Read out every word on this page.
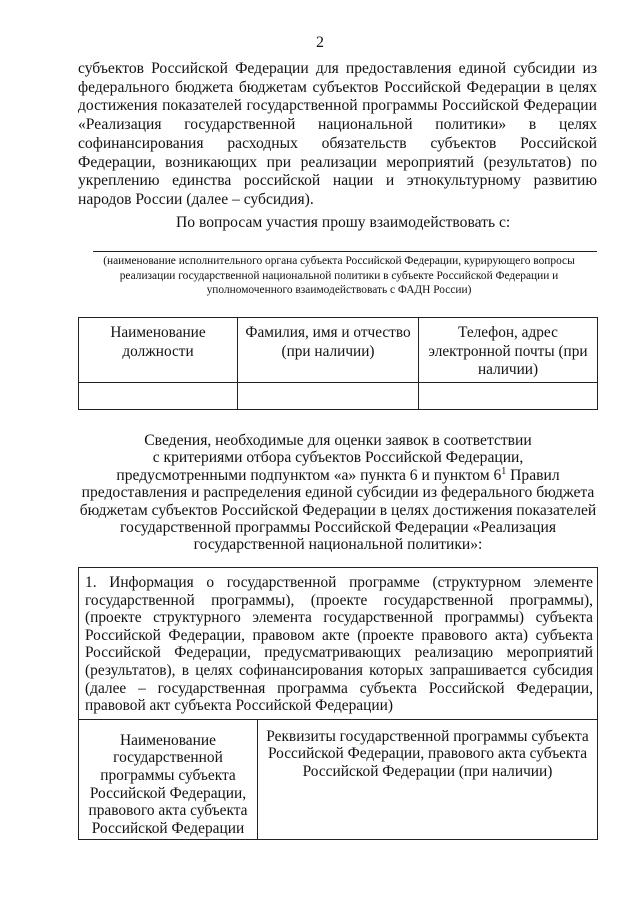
2
субъектов Российской Федерации для предоставления единой субсидии из федерального бюджета бюджетам субъектов Российской Федерации в целях достижения показателей государственной программы Российской Федерации «Реализация государственной национальной политики» в целях софинансирования расходных обязательств субъектов Российской Федерации, возникающих при реализации мероприятий (результатов) по укреплению единства российской нации и этнокультурному развитию народов России (далее – субсидия).
По вопросам участия прошу взаимодействовать с:
(наименование исполнительного органа субъекта Российской Федерации, курирующего вопросы реализации государственной национальной политики в субъекте Российской Федерации и уполномоченного взаимодействовать с ФАДН России)
Наименование должности	Фамилия, имя и отчество (при наличии)	Телефон, адрес электронной почты (при наличии)

Сведения, необходимые для оценки заявок в соответствии
с критериями отбора субъектов Российской Федерации,
предусмотренными подпунктом «а» пункта 6 и пунктом $6^1$ Правил
предоставления и распределения единой субсидии из федерального бюджета
бюджетам субъектов Российской Федерации в целях достижения показателей
государственной программы Российской Федерации «Реализация
государственной национальной политики»:
1. Информация о государственной программе (структурном элементе государственной программы), (проекте государственной программы), (проекте структурного элемента государственной программы) субъекта Российской Федерации, правовом акте (проекте правового акта) субъекта Российской Федерации, предусматривающих реализацию мероприятий (результатов), в целях софинансирования которых запрашивается субсидия (далее – государственная программа субъекта Российской Федерации, правовой акт субъекта Российской Федерации)
Наименование государственной программы субъекта Российской Федерации, правового акта субъекта Российской Федерации	Реквизиты государственной программы субъекта Российской Федерации, правового акта субъекта Российской Федерации (при наличии)
